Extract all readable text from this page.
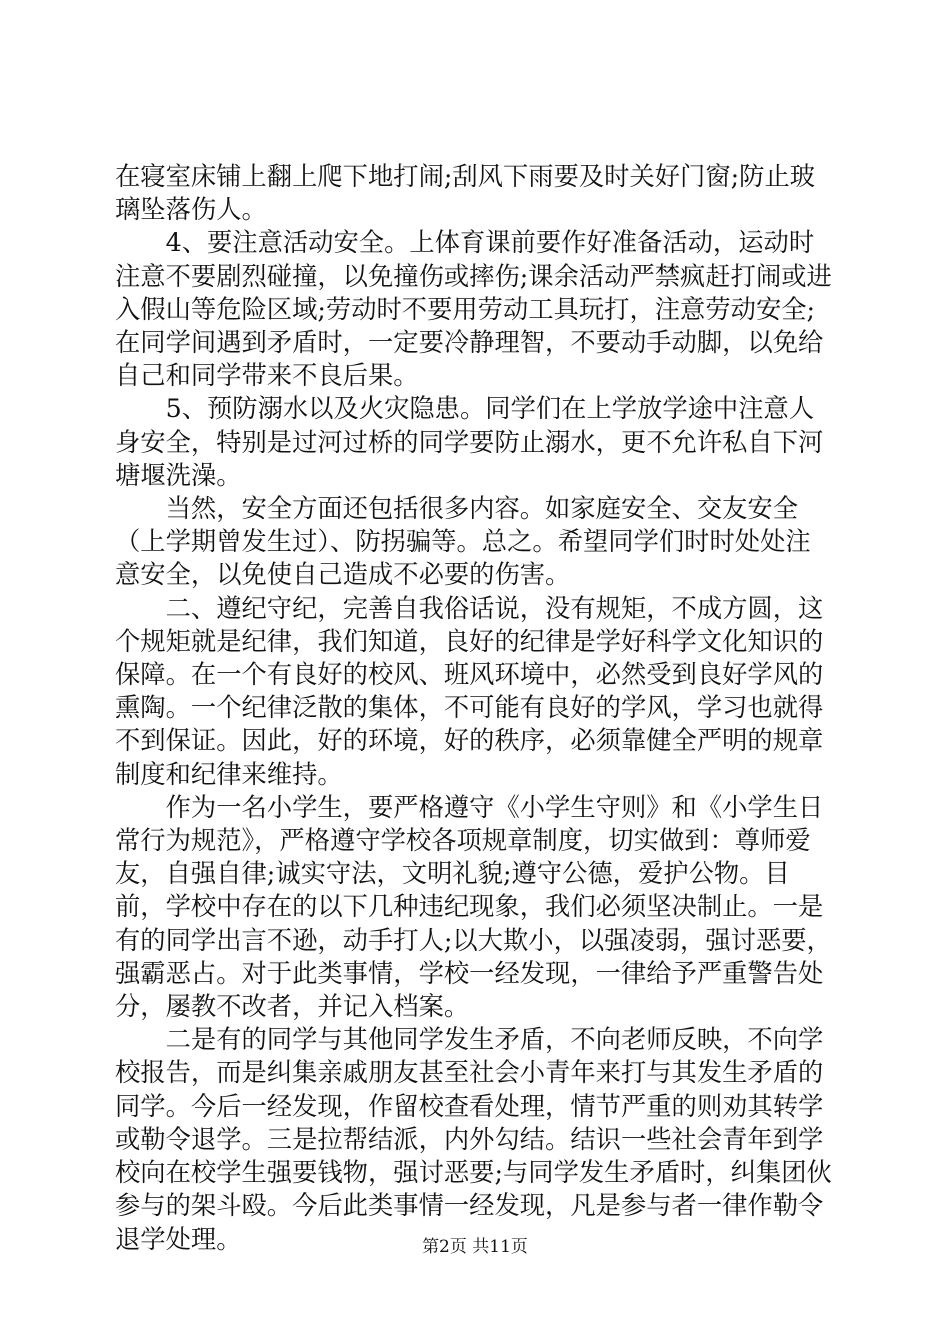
在寝室床铺上翻上爬下地打闹;刮风下雨要及时关好门窗;防止玻璃坠落伤人。

4、要注意活动安全。上体育课前要作好准备活动，运动时注意不要剧烈碰撞，以免撞伤或摔伤;课余活动严禁疯赶打闹或进入假山等危险区域;劳动时不要用劳动工具玩打，注意劳动安全;在同学间遇到矛盾时，一定要冷静理智，不要动手动脚，以免给自己和同学带来不良后果。

5、预防溺水以及火灾隐患。同学们在上学放学途中注意人身安全，特别是过河过桥的同学要防止溺水，更不允许私自下河塘堰洗澡。

当然，安全方面还包括很多内容。如家庭安全、交友安全（上学期曾发生过）、防拐骗等。总之。希望同学们时时处处注意安全，以免使自己造成不必要的伤害。

二、遵纪守纪，完善自我俗话说，没有规矩，不成方圆，这个规矩就是纪律，我们知道，良好的纪律是学好科学文化知识的保障。在一个有良好的校风、班风环境中，必然受到良好学风的熏陶。一个纪律泛散的集体，不可能有良好的学风，学习也就得不到保证。因此，好的环境，好的秩序，必须靠健全严明的规章制度和纪律来维持。

作为一名小学生，要严格遵守《小学生守则》和《小学生日常行为规范》，严格遵守学校各项规章制度，切实做到：尊师爱友，自强自律;诚实守法，文明礼貌;遵守公德，爱护公物。目前，学校中存在的以下几种违纪现象，我们必须坚决制止。一是有的同学出言不逊，动手打人;以大欺小，以强凌弱，强讨恶要，强霸恶占。对于此类事情，学校一经发现，一律给予严重警告处分，屡教不改者，并记入档案。

二是有的同学与其他同学发生矛盾，不向老师反映，不向学校报告，而是纠集亲戚朋友甚至社会小青年来打与其发生矛盾的同学。今后一经发现，作留校查看处理，情节严重的则劝其转学或勒令退学。三是拉帮结派，内外勾结。结识一些社会青年到学校向在校学生强要钱物，强讨恶要;与同学发生矛盾时，纠集团伙参与的架斗殴。今后此类事情一经发现，凡是参与者一律作勒令退学处理。	第2页 共11页
